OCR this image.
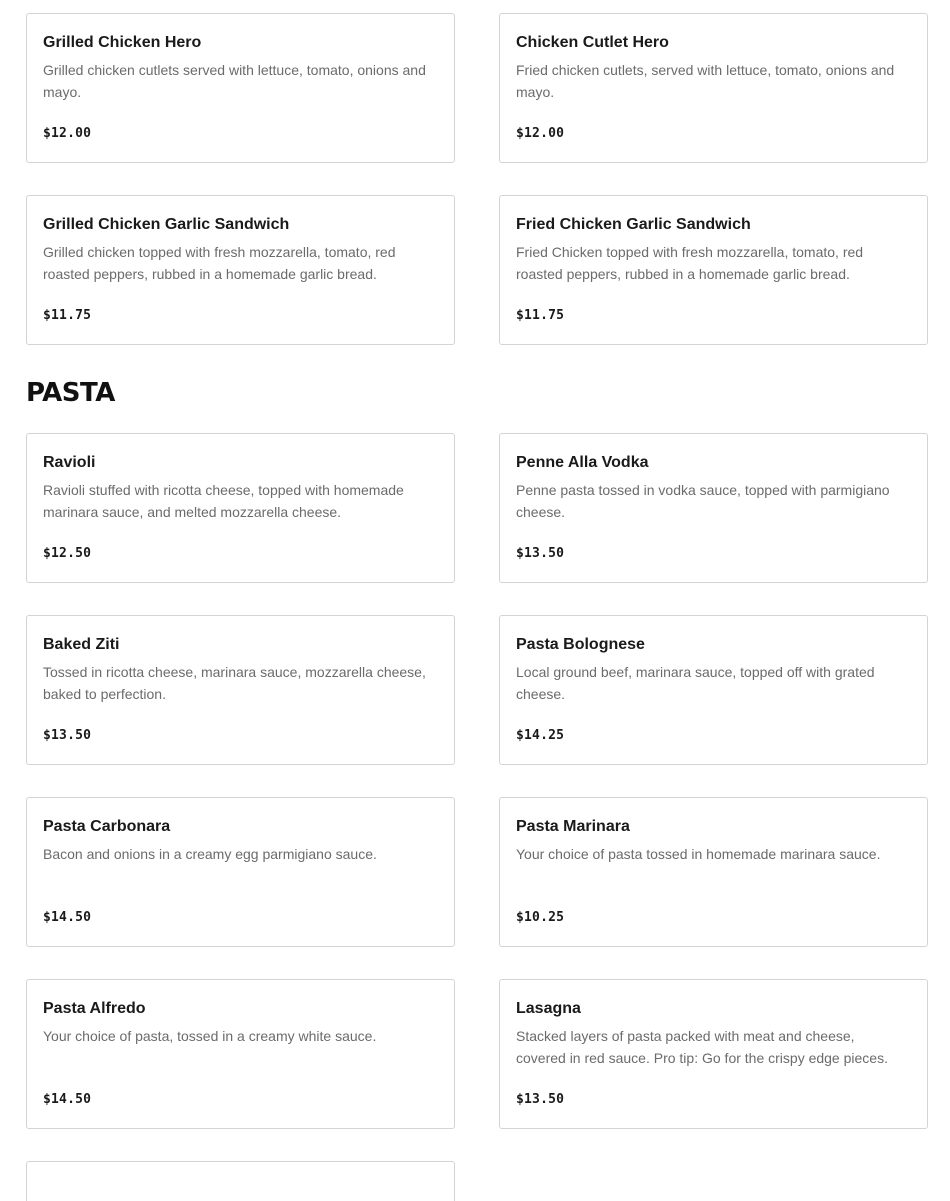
Grilled Chicken Hero
Grilled chicken cutlets served with lettuce, tomato, onions and mayo.
$12.00
Chicken Cutlet Hero
Fried chicken cutlets, served with lettuce, tomato, onions and mayo.
$12.00
Grilled Chicken Garlic Sandwich
Grilled chicken topped with fresh mozzarella, tomato, red roasted peppers, rubbed in a homemade garlic bread.
$11.75
Fried Chicken Garlic Sandwich
Fried Chicken topped with fresh mozzarella, tomato, red roasted peppers, rubbed in a homemade garlic bread.
$11.75
PASTA
Ravioli
Ravioli stuffed with ricotta cheese, topped with homemade marinara sauce, and melted mozzarella cheese.
$12.50
Penne Alla Vodka
Penne pasta tossed in vodka sauce, topped with parmigiano cheese.
$13.50
Baked Ziti
Tossed in ricotta cheese, marinara sauce, mozzarella cheese, baked to perfection.
$13.50
Pasta Bolognese
Local ground beef, marinara sauce, topped off with grated cheese.
$14.25
Pasta Carbonara
Bacon and onions in a creamy egg parmigiano sauce.
$14.50
Pasta Marinara
Your choice of pasta tossed in homemade marinara sauce.
$10.25
Pasta Alfredo
Your choice of pasta, tossed in a creamy white sauce.
$14.50
Lasagna
Stacked layers of pasta packed with meat and cheese, covered in red sauce. Pro tip: Go for the crispy edge pieces.
$13.50
